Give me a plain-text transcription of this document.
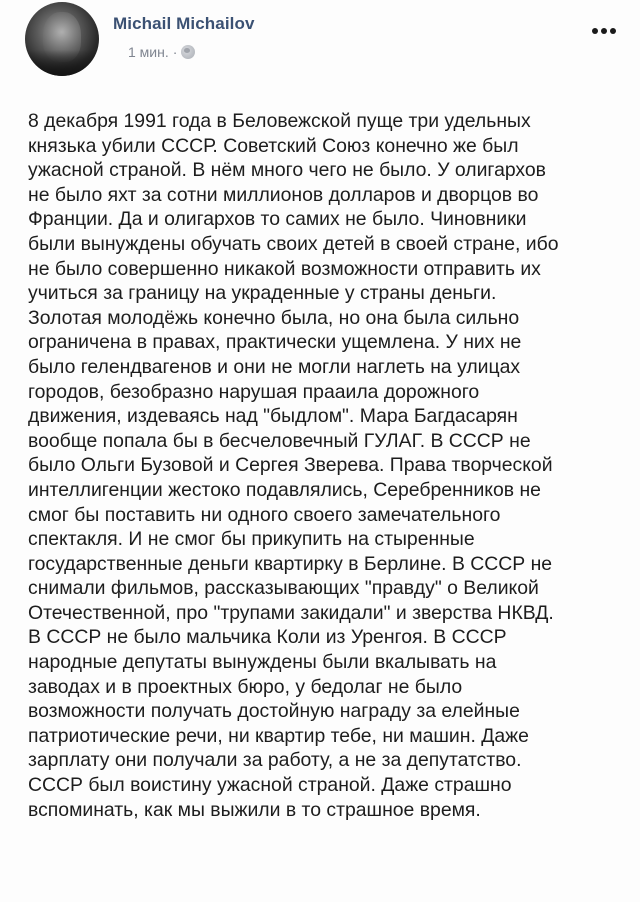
Michail Michailov
1 мин. ·
8 декабря 1991 года в Беловежской пуще три удельных
князька убили СССР. Советский Союз конечно же был
ужасной страной. В нём много чего не было. У олигархов
не было яхт за сотни миллионов долларов и дворцов во
Франции. Да и олигархов то самих не было. Чиновники
были вынуждены обучать своих детей в своей стране, ибо
не было совершенно никакой возможности отправить их
учиться за границу на украденные у страны деньги.
Золотая молодёжь конечно была, но она была сильно
ограничена в правах, практически ущемлена. У них не
было гелендвагенов и они не могли наглеть на улицах
городов, безобразно нарушая прааила дорожного
движения, издеваясь над "быдлом". Мара Багдасарян
вообще попала бы в бесчеловечный ГУЛАГ. В СССР не
было Ольги Бузовой и Сергея Зверева. Права творческой
интеллигенции жестоко подавлялись, Серебренников не
смог бы поставить ни одного своего замечательного
спектакля. И не смог бы прикупить на стыренные
государственные деньги квартирку в Берлине. В СССР не
снимали фильмов, рассказывающих "правду" о Великой
Отечественной, про "трупами закидали" и зверства НКВД.
В СССР не было мальчика Коли из Уренгоя. В СССР
народные депутаты вынуждены были вкалывать на
заводах и в проектных бюро, у бедолаг не было
возможности получать достойную награду за елейные
патриотические речи, ни квартир тебе, ни машин. Даже
зарплату они получали за работу, а не за депутатство.
СССР был воистину ужасной страной. Даже страшно
вспоминать, как мы выжили в то страшное время.
